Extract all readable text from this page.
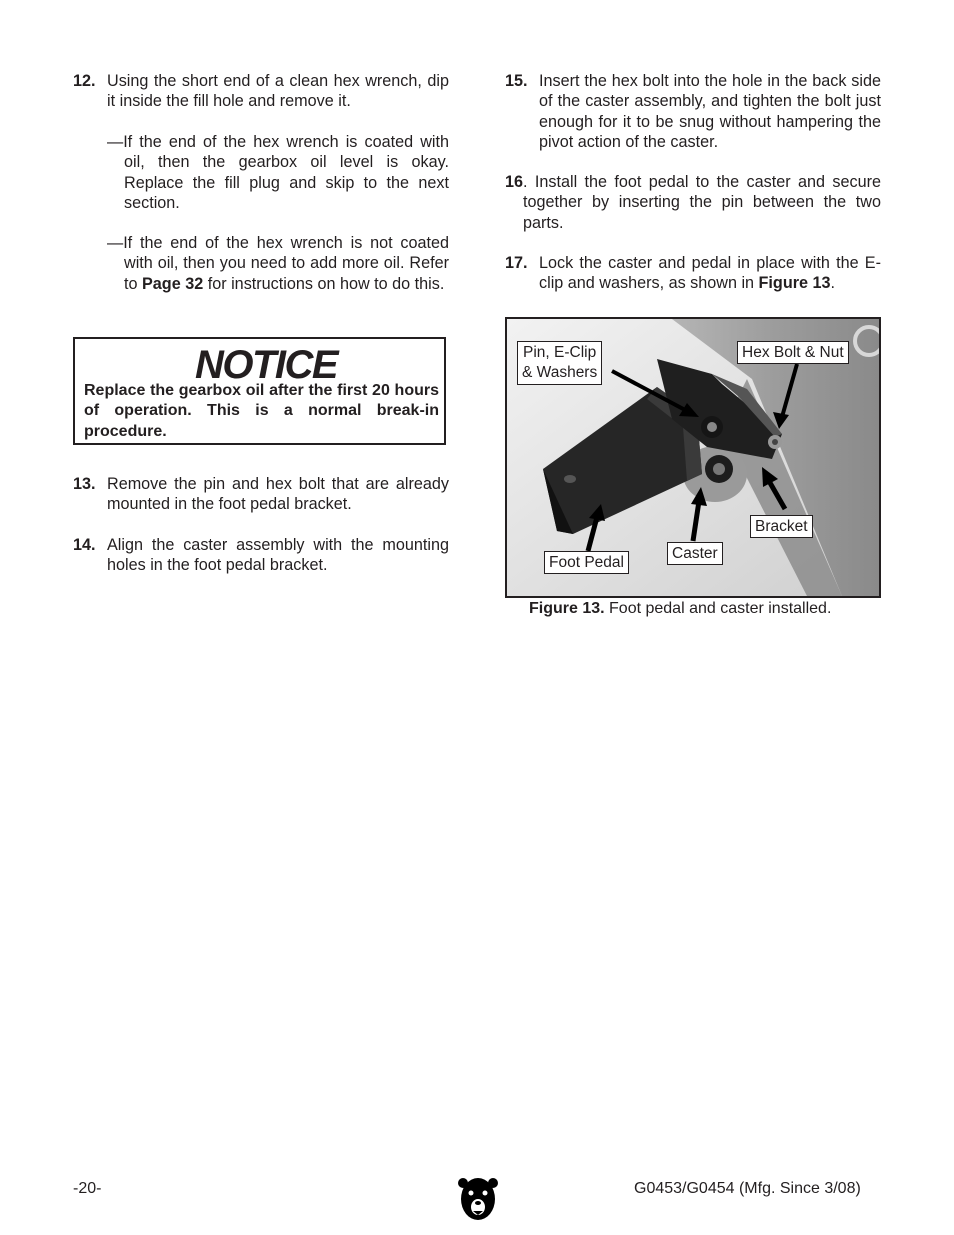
12. Using the short end of a clean hex wrench, dip it inside the fill hole and remove it.
—If the end of the hex wrench is coated with oil, then the gearbox oil level is okay. Replace the fill plug and skip to the next section.
—If the end of the hex wrench is not coated with oil, then you need to add more oil. Refer to Page 32 for instructions on how to do this.
13. Remove the pin and hex bolt that are already mounted in the foot pedal bracket.
14. Align the caster assembly with the mounting holes in the foot pedal bracket.
NOTICE
Replace the gearbox oil after the first 20 hours of operation. This is a normal break-in procedure.
15. Insert the hex bolt into the hole in the back side of the caster assembly, and tighten the bolt just enough for it to be snug without hampering the pivot action of the caster.
16 . Install the foot pedal to the caster and secure together by inserting the pin between the two parts.
17. Lock the caster and pedal in place with the E-clip and washers, as shown in Figure 13.
Pin, E-Clip
& Washers
Hex Bolt & Nut
Bracket
Caster
Foot Pedal
Figure 13. Foot pedal and caster installed.
-20-	G0453/G0454 (Mfg. Since 3/08)
